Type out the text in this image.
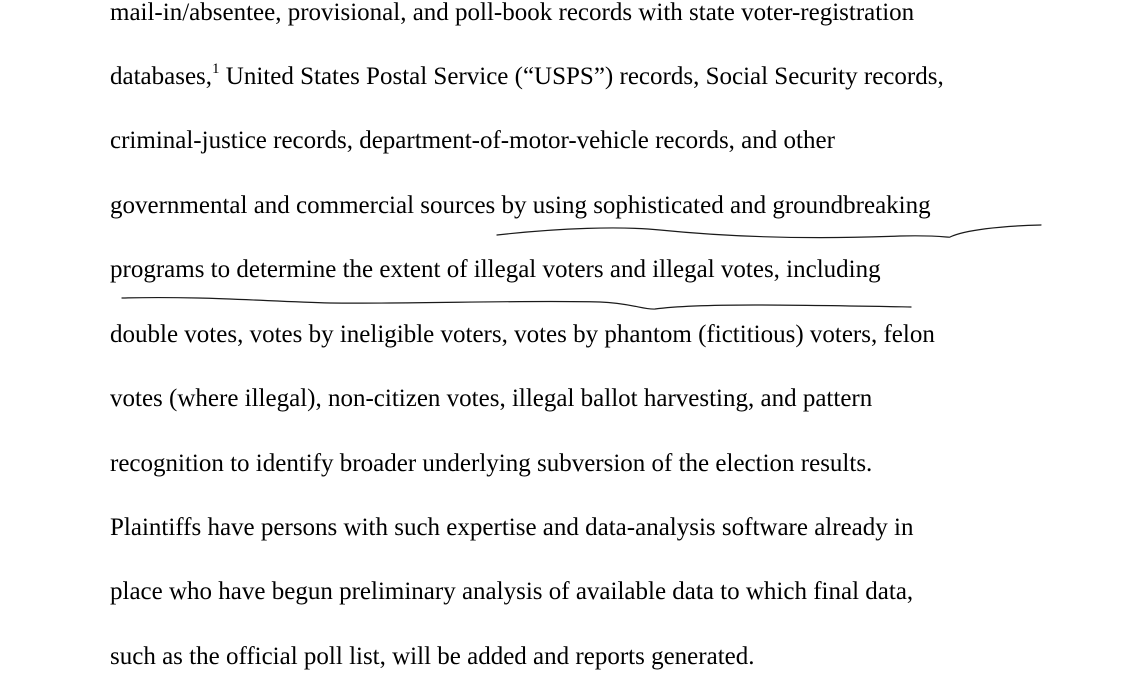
mail-in/absentee, provisional, and poll-book records with state voter-registration
databases,$^1$ United States Postal Service (“USPS”) records, Social Security records,
criminal-justice records, department-of-motor-vehicle records, and other
governmental and commercial sources by using sophisticated and groundbreaking
programs to determine the extent of illegal voters and illegal votes, including
double votes, votes by ineligible voters, votes by phantom (fictitious) voters, felon
votes (where illegal), non-citizen votes, illegal ballot harvesting, and pattern
recognition to identify broader underlying subversion of the election results.
Plaintiffs have persons with such expertise and data-analysis software already in
place who have begun preliminary analysis of available data to which final data,
such as the official poll list, will be added and reports generated.
